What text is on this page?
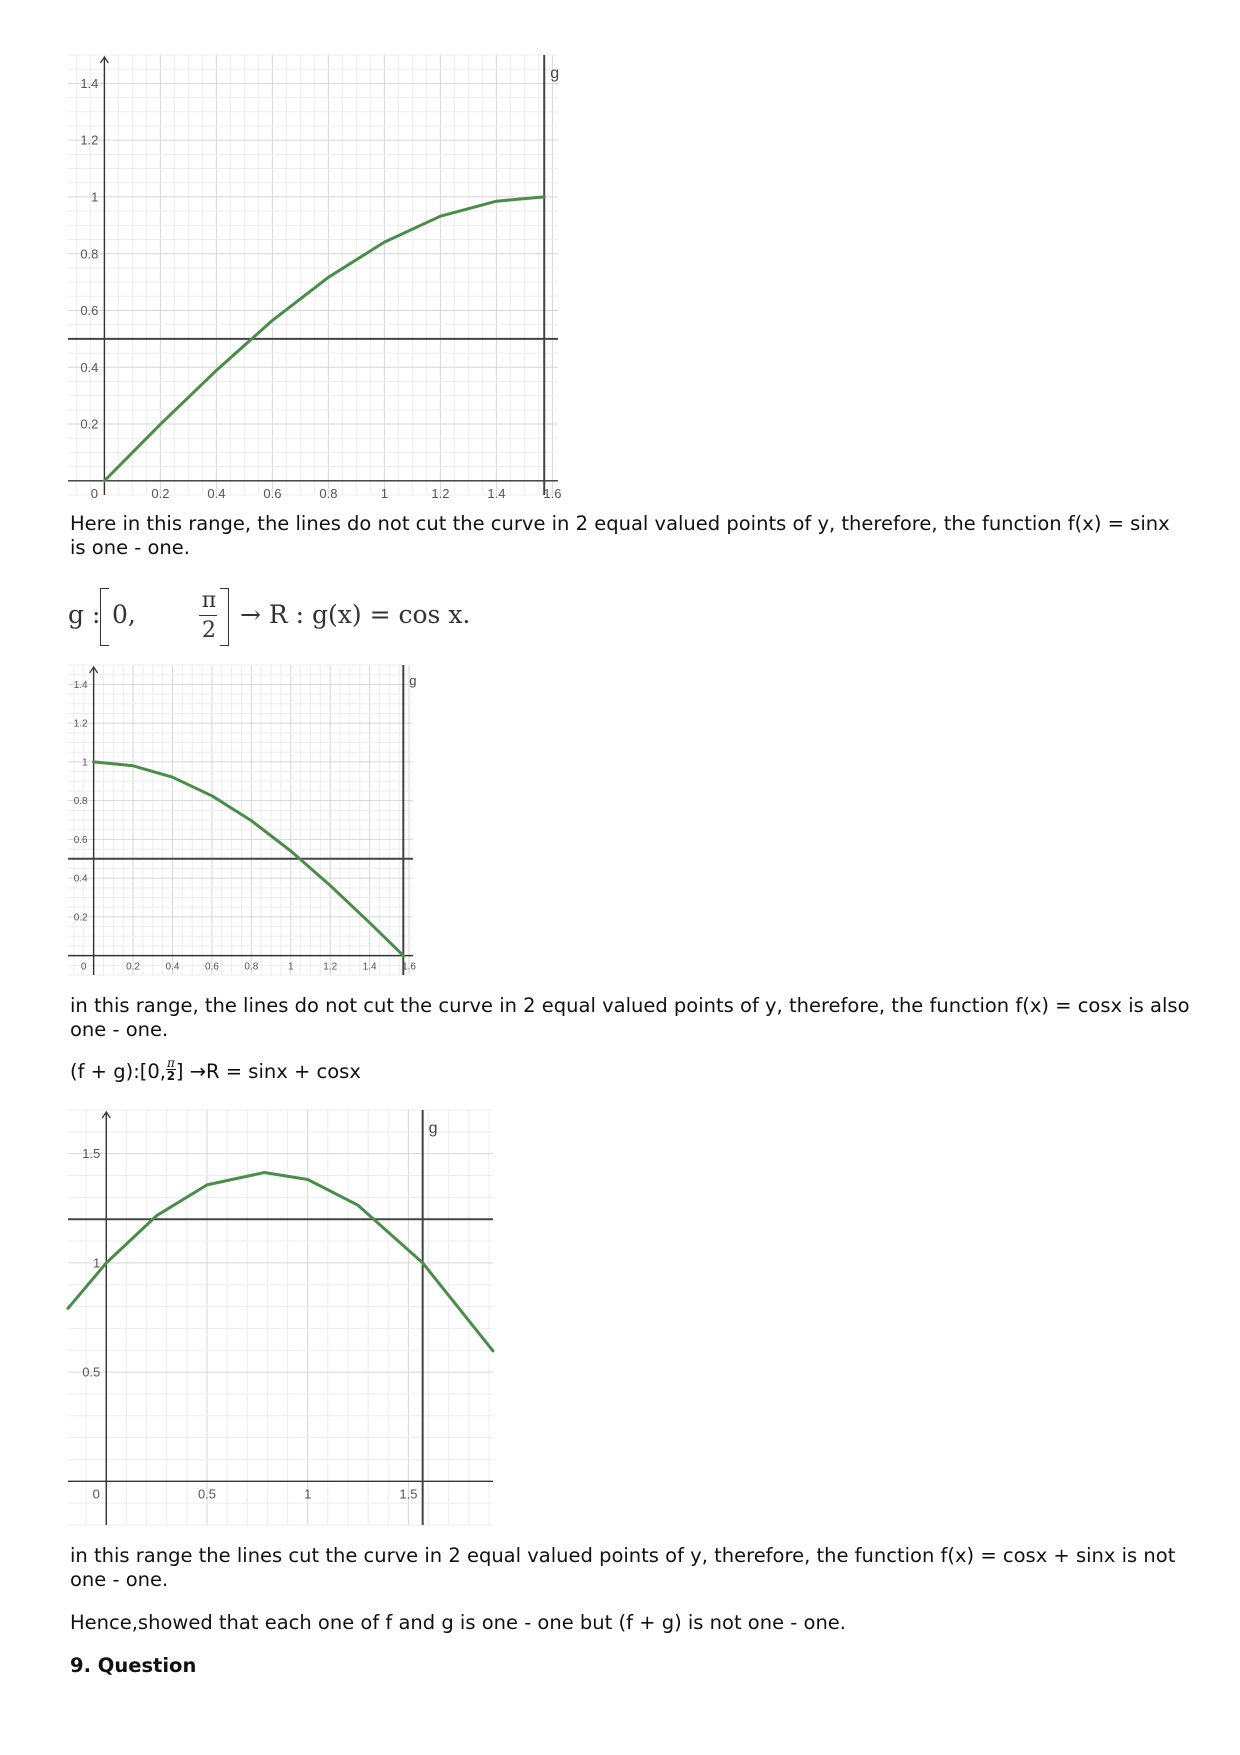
0	0.2	0.4	0.6	0.8	1	1.2	1.4	1.6
0.2
0.4
0.6
0.8
1
1.2
1.4
g

Here in this range, the lines do not cut the curve in 2 equal valued points of y, therefore, the function f(x) = sinx is one - one.

g : 0,	π
2
→ R : g(x) = cos x.
0	0.2	0.4	0.6	0.8	1	1.2	1.4	1.6
0.2
0.4
0.6
0.8
1
1.2
1.4	g

in this range, the lines do not cut the curve in 2 equal valued points of y, therefore, the function f(x) = cosx is also one - one.

(f + g):[0, $\frac{\pi}{2}$ ] →R = sinx + cosx

0	0.5	1	1.5
0.5
1
1.5
g

in this range the lines cut the curve in 2 equal valued points of y, therefore, the function f(x) = cosx + sinx is not one - one.

Hence,showed that each one of f and g is one - one but (f + g) is not one - one.

9. Question
